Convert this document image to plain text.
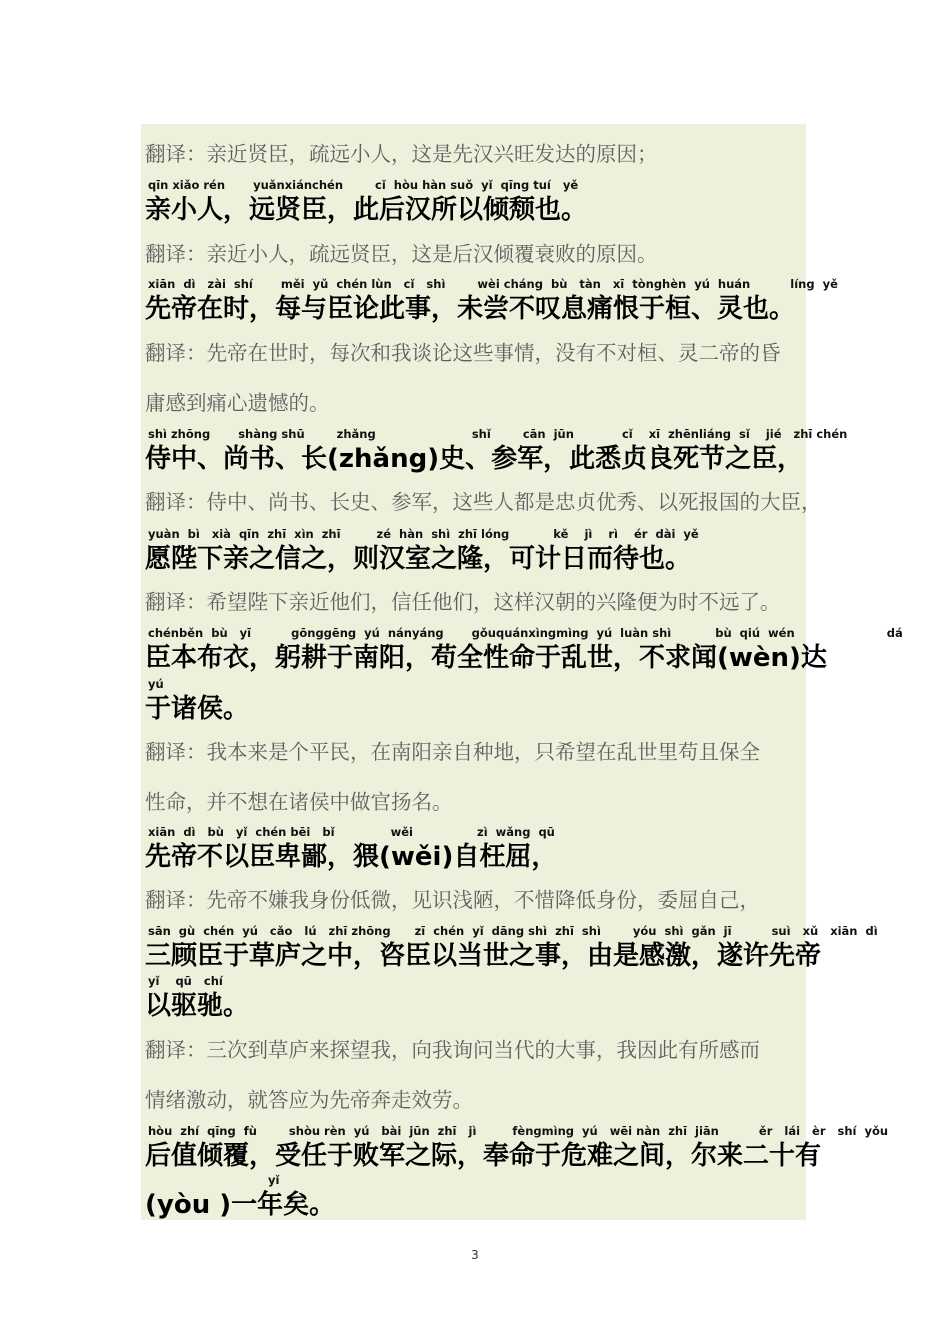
翻译：亲近贤臣，疏远小人，这是先汉兴旺发达的原因；
qīn xiǎo rén       yuǎnxiánchén        cǐ  hòu hàn suǒ  yǐ  qīng tuí   yě
亲小人，远贤臣，此后汉所以倾颓也。
翻译：亲近小人，疏远贤臣，这是后汉倾覆衰败的原因。
xiān  dì   zài  shí       měi  yǔ  chén lùn   cǐ   shì        wèi cháng  bù   tàn   xī  tònghèn  yú  huán          líng  yě
先帝在时，每与臣论此事，未尝不叹息痛恨于桓、灵也。
翻译：先帝在世时，每次和我谈论这些事情，没有不对桓、灵二帝的昏
庸感到痛心遗憾的。
shì zhōng       shàng shū        zhǎng                        shǐ        cān  jūn            cǐ    xī  zhēnliáng  sǐ    jié   zhī chén
侍中、尚书、长(zhǎng)史、参军，此悉贞良死节之臣，
翻译：侍中、尚书、长史、参军，这些人都是忠贞优秀、以死报国的大臣，
yuàn  bì   xià  qīn  zhī  xìn  zhī         zé  hàn  shì  zhī lóng           kě    jì    rì    ér  dài  yě
愿陛下亲之信之，则汉室之隆，可计日而待也。
翻译：希望陛下亲近他们，信任他们，这样汉朝的兴隆便为时不远了。
chénběn  bù   yī          gōnggēng  yú  nányáng       gǒuquánxìngmìng  yú  luàn shì           bù  qiú  wén                       dá
臣本布衣，躬耕于南阳，苟全性命于乱世，不求闻(wèn)达
yú
于诸侯。
翻译：我本来是个平民，在南阳亲自种地，只希望在乱世里苟且保全
性命，并不想在诸侯中做官扬名。
xiān  dì   bù   yǐ  chén bēi   bǐ              wěi                zì  wǎng  qū
先帝不以臣卑鄙，猥(wěi)自枉屈，
翻译：先帝不嫌我身份低微，见识浅陋，不惜降低身份，委屈自己，
sān  gù  chén  yú   cǎo   lú   zhī zhōng      zī  chén  yǐ  dāng shì  zhī  shì        yóu  shì  gǎn  jī          suì   xǔ   xiān  dì
三顾臣于草庐之中，咨臣以当世之事，由是感激，遂许先帝
yǐ    qū   chí
以驱驰。
翻译：三次到草庐来探望我，向我询问当代的大事，我因此有所感而
情绪激动，就答应为先帝奔走效劳。
hòu  zhí  qīng  fù        shòu rèn  yú   bài  jūn  zhī   jì         fèngmìng  yú   wēi nàn  zhī  jiān          ěr   lái   èr   shí  yǒu
后值倾覆，受任于败军之际，奉命于危难之间，尔来二十有
yǐ
(yòu )一年矣。
3
